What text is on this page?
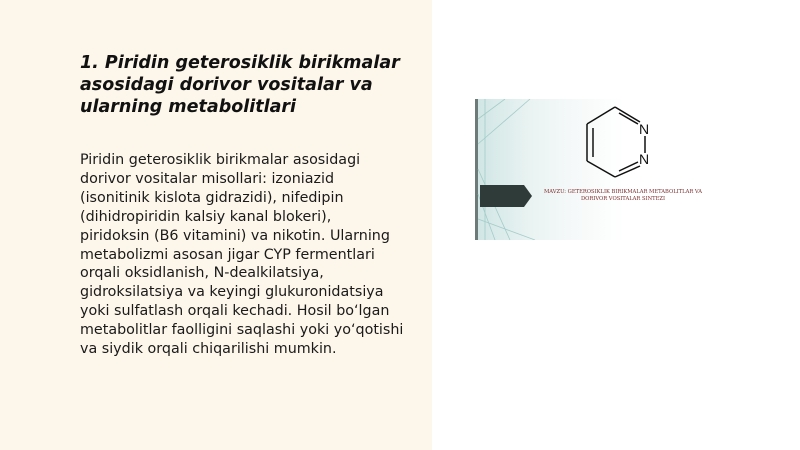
1. Piridin geterosiklik birikmalar
asosidagi dorivor vositalar va
ularning metabolitlari

Piridin geterosiklik birikmalar asosidagi
dorivor vositalar misollari: izoniazid
(isonitinik kislota gidrazidi), nifedipin
(dihidropiridin kalsiy kanal blokeri),
piridoksin (B6 vitamini) va nikotin. Ularning
metabolizmi asosan jigar CYP fermentlari
orqali oksidlanish, N-dealkilatsiya,
gidroksilatsiya va keyingi glukuronidatsiya
yoki sulfatlash orqali kechadi. Hosil bo‘lgan
metabolitlar faolligini saqlashi yoki yo‘qotishi
va siydik orqali chiqarilishi mumkin.

N
N
MAVZU: GETEROSIKLIK BIRIKMALAR METABOLITLAR VA
DORIVOR VOSITALAR SINTEZI
